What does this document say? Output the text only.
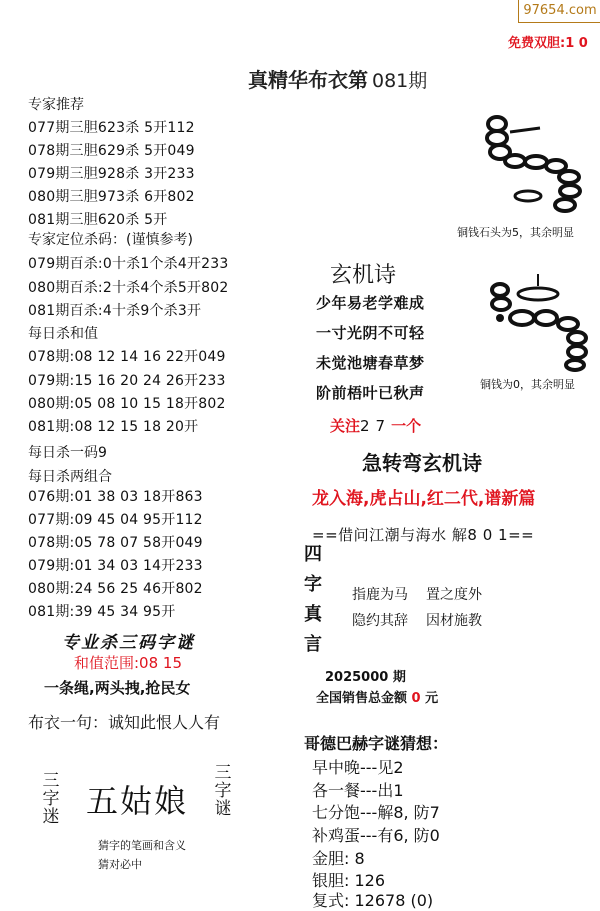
97654.com
免费双胆:1 0
真精华布衣第 081期
专家推荐
077期三胆623杀 5开112
078期三胆629杀 5开049
079期三胆928杀 3开233
080期三胆973杀 6开802
081期三胆620杀 5开
专家定位杀码：(谨慎参考)
079期百杀:0十杀1个杀4开233
080期百杀:2十杀4个杀5开802
081期百杀:4十杀9个杀3开
每日杀和值
078期:08 12 14 16 22开049
079期:15 16 20 24 26开233
080期:05 08 10 15 18开802
081期:08 12 15 18 20开
每日杀一码9
每日杀两组合
076期:01 38 03 18开863
077期:09 45 04 95开112
078期:05 78 07 58开049
079期:01 34 03 14开233
080期:24 56 25 46开802
081期:39 45 34 95开
专业杀三码字谜
和值范围:08 15
一条绳,两头拽,抢民女
布衣一句：诚知此恨人人有
三字迷 五姑娘
三字谜
猜字的笔画和含义
猜对必中
铜钱石头为5，其余明显
铜钱为0，其余明显
玄机诗
少年易老学难成
一寸光阴不可轻
未觉池塘春草梦
阶前梧叶已秋声
关注27一个
急转弯玄机诗
龙入海,虎占山,红二代,谱新篇
==借问江潮与海水 解8 0 1==
四字真言
指鹿为马 置之度外
隐约其辞 因材施教
2025000 期
全国销售总金额 0 元
哥德巴赫字谜猜想：
早中晚---见2
各一餐---出1
七分饱---解8, 防7
补鸡蛋---有6, 防0
金胆: 8
银胆: 126
复式: 12678 (0)
